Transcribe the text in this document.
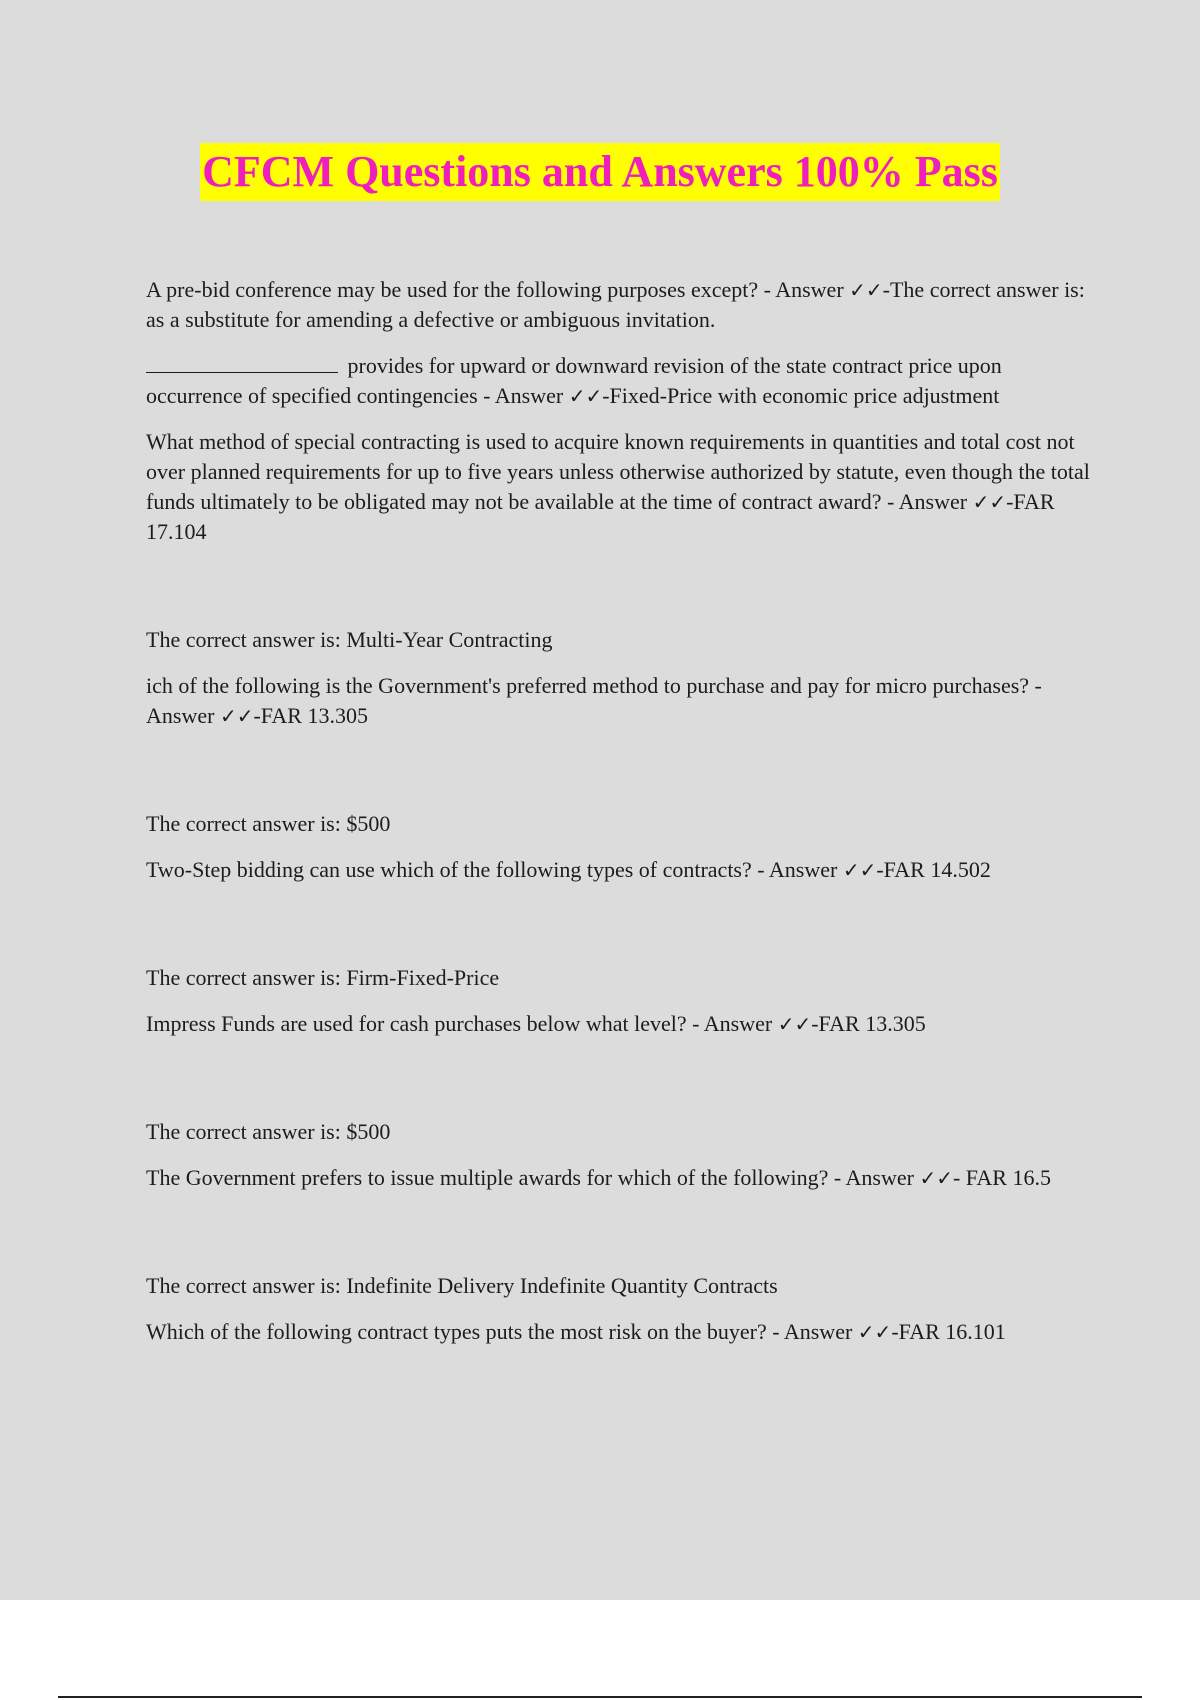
CFCM Questions and Answers 100% Pass

A pre-bid conference may be used for the following purposes except? - Answer ✓✓-The correct answer is: as a substitute for amending a defective or ambiguous invitation.

provides for upward or downward revision of the state contract price upon occurrence of specified contingencies - Answer ✓✓-Fixed-Price with economic price adjustment

What method of special contracting is used to acquire known requirements in quantities and total cost not over planned requirements for up to five years unless otherwise authorized by statute, even though the total funds ultimately to be obligated may not be available at the time of contract award? - Answer ✓✓-FAR 17.104

The correct answer is: Multi-Year Contracting

ich of the following is the Government's preferred method to purchase and pay for micro purchases? - Answer ✓✓-FAR 13.305

The correct answer is: $500

Two-Step bidding can use which of the following types of contracts? - Answer ✓✓-FAR 14.502

The correct answer is: Firm-Fixed-Price

Impress Funds are used for cash purchases below what level? - Answer ✓✓-FAR 13.305

The correct answer is: $500

The Government prefers to issue multiple awards for which of the following? - Answer ✓✓- FAR 16.5

The correct answer is: Indefinite Delivery Indefinite Quantity Contracts

Which of the following contract types puts the most risk on the buyer? - Answer ✓✓-FAR 16.101
